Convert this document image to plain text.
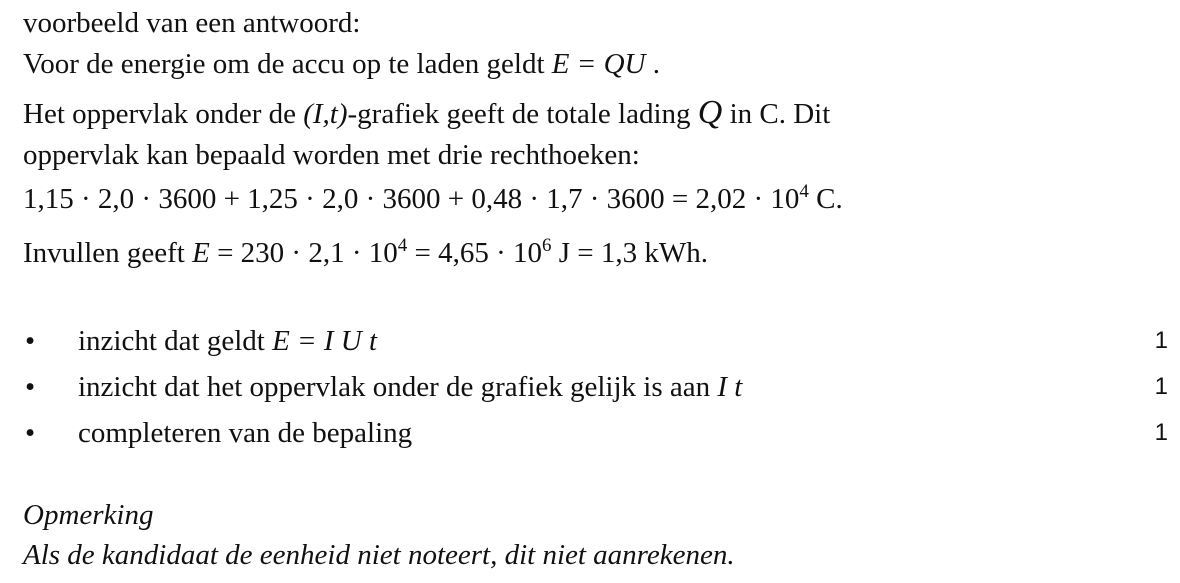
voorbeeld van een antwoord:
Voor de energie om de accu op te laden geldt E = QU .
Het oppervlak onder de (I,t)-grafiek geeft de totale lading Q in C. Dit
oppervlak kan bepaald worden met drie rechthoeken:
$1,15 \cdot 2,0 \cdot 3600 + 1,25 \cdot 2,0 \cdot 3600 + 0,48 \cdot 1,7 \cdot 3600 = 2,02 \cdot 10^4$ C.
Invullen geeft $E = 230 \cdot 2,1 \cdot 10^4 = 4,65 \cdot 10^6$ J = 1,3 kWh.
• inzicht dat geldt E = I U t	1
• inzicht dat het oppervlak onder de grafiek gelijk is aan I t	1
• completeren van de bepaling	1
Opmerking
Als de kandidaat de eenheid niet noteert, dit niet aanrekenen.
